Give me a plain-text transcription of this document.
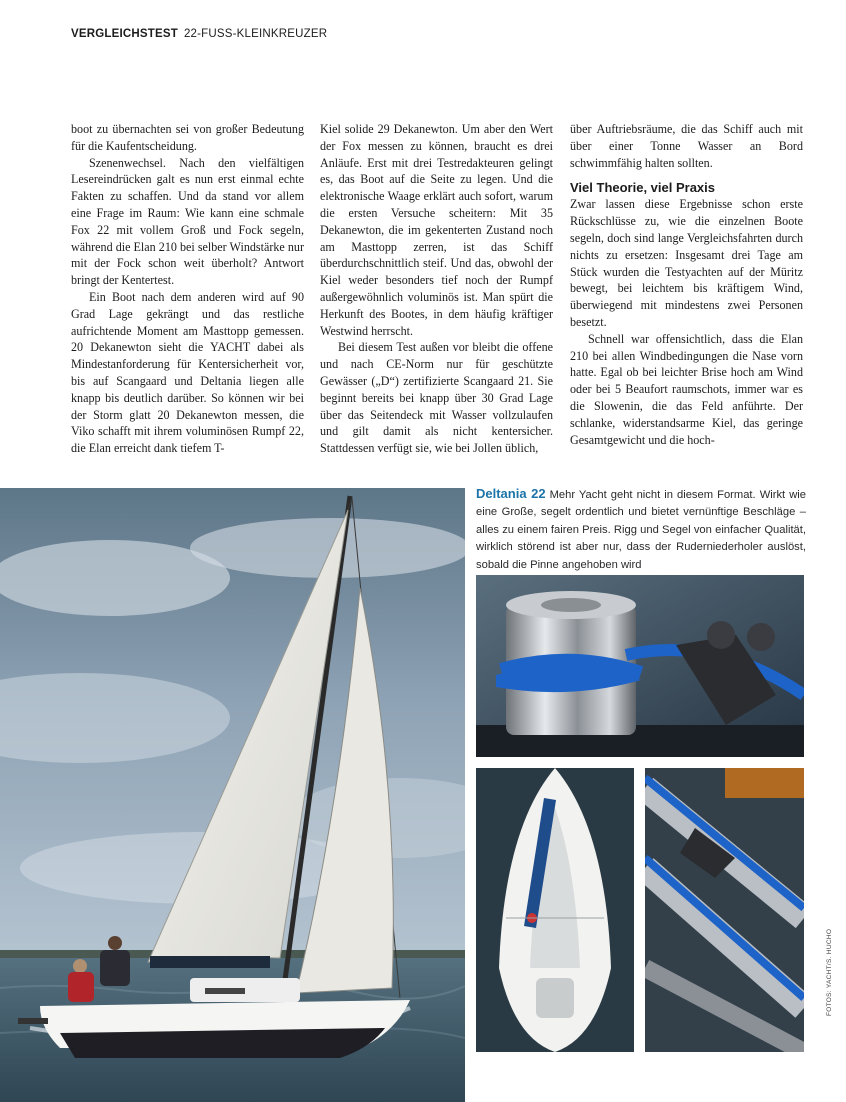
VERGLEICHSTEST 22-FUSS-KLEINKREUZER

boot zu übernachten sei von großer Bedeutung für die Kaufentscheidung.

Szenenwechsel. Nach den vielfältigen Lesereindrücken galt es nun erst einmal echte Fakten zu schaffen. Und da stand vor allem eine Frage im Raum: Wie kann eine schmale Fox 22 mit vollem Groß und Fock segeln, während die Elan 210 bei selber Windstärke nur mit der Fock schon weit überholt? Antwort bringt der Kentertest.

Ein Boot nach dem anderen wird auf 90 Grad Lage gekrängt und das restliche aufrichtende Moment am Masttopp gemessen. 20 Dekanewton sieht die YACHT dabei als Mindestanforderung für Kentersicherheit vor, bis auf Scangaard und Deltania liegen alle knapp bis deutlich darüber. So können wir bei der Storm glatt 20 Dekanewton messen, die Viko schafft mit ihrem voluminösen Rumpf 22, die Elan erreicht dank tiefem T-

Kiel solide 29 Dekanewton. Um aber den Wert der Fox messen zu können, braucht es drei Anläufe. Erst mit drei Testredakteuren gelingt es, das Boot auf die Seite zu legen. Und die elektronische Waage erklärt auch sofort, warum die ersten Versuche scheitern: Mit 35 Dekanewton, die im gekenterten Zustand noch am Masttopp zerren, ist das Schiff überdurchschnittlich steif. Und das, obwohl der Kiel weder besonders tief noch der Rumpf außergewöhnlich voluminös ist. Man spürt die Herkunft des Bootes, in dem häufig kräftiger Westwind herrscht.

Bei diesem Test außen vor bleibt die offene und nach CE-Norm nur für geschützte Gewässer („D“) zertifizierte Scangaard 21. Sie beginnt bereits bei knapp über 30 Grad Lage über das Seitendeck mit Wasser vollzulaufen und gilt damit als nicht kentersicher. Stattdessen verfügt sie, wie bei Jollen üblich,

über Auftriebsräume, die das Schiff auch mit über einer Tonne Wasser an Bord schwimmfähig halten sollten.

Viel Theorie, viel Praxis

Zwar lassen diese Ergebnisse schon erste Rückschlüsse zu, wie die einzelnen Boote segeln, doch sind lange Vergleichsfahrten durch nichts zu ersetzen: Insgesamt drei Tage am Stück wurden die Testyachten auf der Müritz bewegt, bei leichtem bis kräftigem Wind, überwiegend mit mindestens zwei Personen besetzt.

Schnell war offensichtlich, dass die Elan 210 bei allen Windbedingungen die Nase vorn hatte. Egal ob bei leichter Brise hoch am Wind oder bei 5 Beaufort raumschots, immer war es die Slowenin, die das Feld anführte. Der schlanke, widerstandsarme Kiel, das geringe Gesamtgewicht und die hoch-

Deltania 22 Mehr Yacht geht nicht in diesem Format. Wirkt wie eine Große, segelt ordentlich und bietet vernünftige Beschläge – alles zu einem fairen Preis. Rigg und Segel von einfacher Qualität, wirklich störend ist aber nur, dass der Ruderniederholer auslöst, sobald die Pinne angehoben wird
FOTOS: YACHT/S. HUCHO
